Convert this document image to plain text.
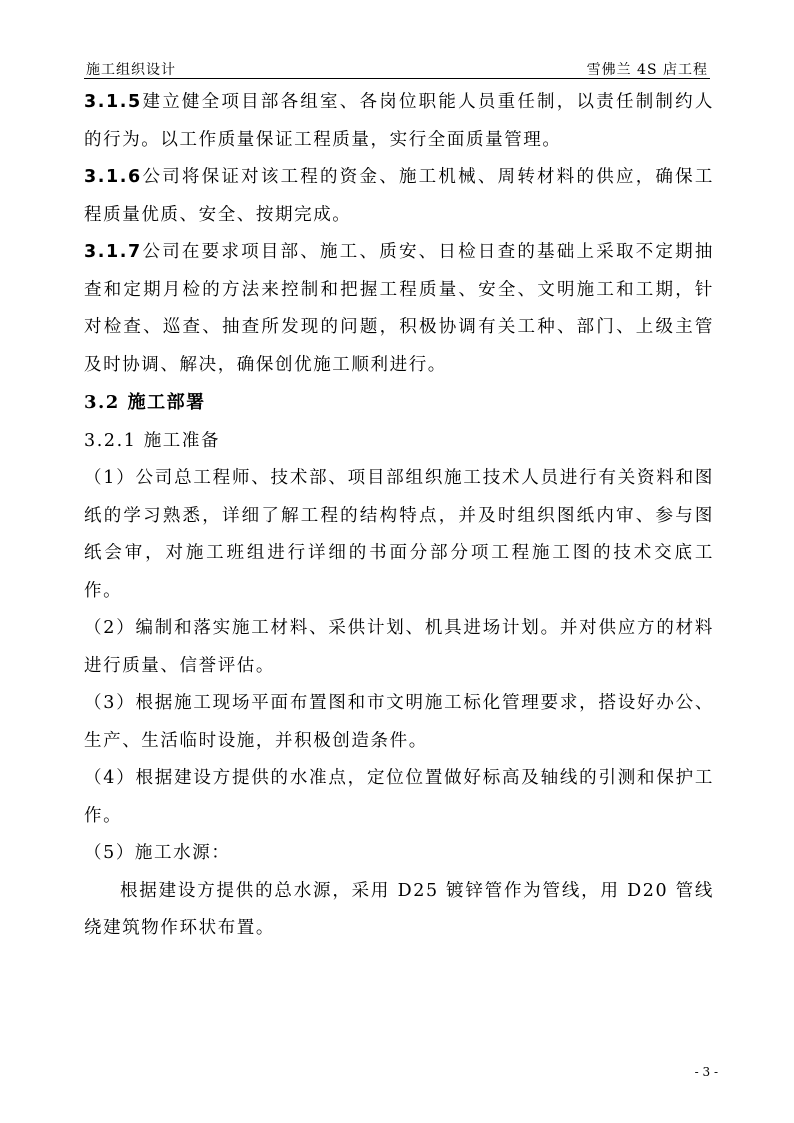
施工组织设计	雪佛兰 4S 店工程

3.1.5建立健全项目部各组室、各岗位职能人员重任制，以责任制制约人的行为。以工作质量保证工程质量，实行全面质量管理。

3.1.6公司将保证对该工程的资金、施工机械、周转材料的供应，确保工程质量优质、安全、按期完成。

3.1.7公司在要求项目部、施工、质安、日检日查的基础上采取不定期抽查和定期月检的方法来控制和把握工程质量、安全、文明施工和工期，针对检查、巡查、抽查所发现的问题，积极协调有关工种、部门、上级主管及时协调、解决，确保创优施工顺利进行。

3.2 施工部署

3.2.1 施工准备

（1）公司总工程师、技术部、项目部组织施工技术人员进行有关资料和图纸的学习熟悉，详细了解工程的结构特点，并及时组织图纸内审、参与图纸会审，对施工班组进行详细的书面分部分项工程施工图的技术交底工作。

（2）编制和落实施工材料、采供计划、机具进场计划。并对供应方的材料进行质量、信誉评估。

（3）根据施工现场平面布置图和市文明施工标化管理要求，搭设好办公、生产、生活临时设施，并积极创造条件。

（4）根据建设方提供的水准点，定位位置做好标高及轴线的引测和保护工作。

（5）施工水源：

根据建设方提供的总水源，采用 D25 镀锌管作为管线，用 D20 管线绕建筑物作环状布置。

- 3 -
